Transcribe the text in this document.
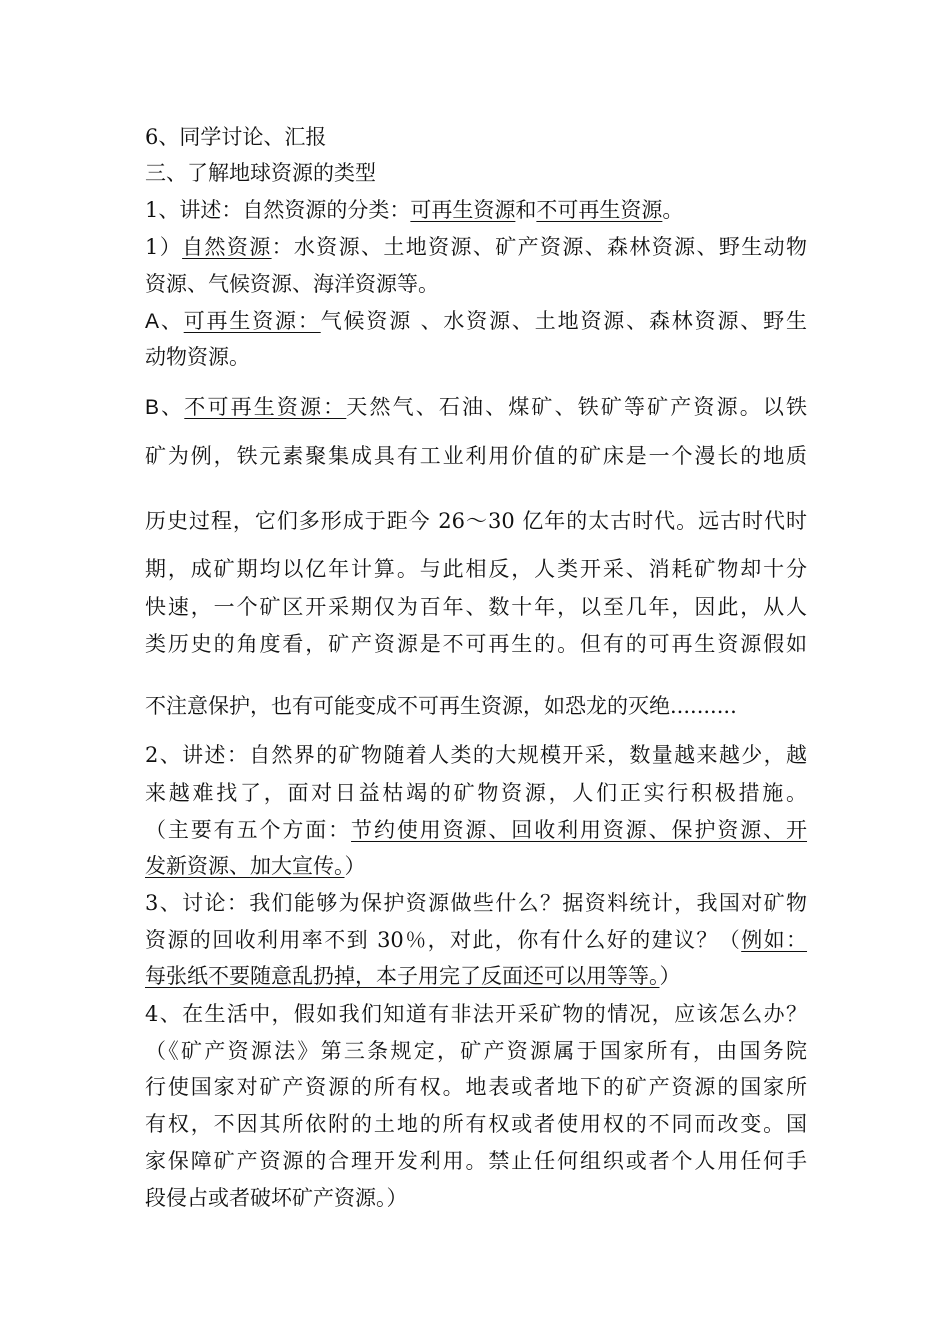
6、同学讨论、汇报
三、了解地球资源的类型
1、讲述：自然资源的分类：可再生资源和不可再生资源。
1）自然资源：水资源、土地资源、矿产资源、森林资源、野生动物
资源、气候资源、海洋资源等。
A、可再生资源：气候资源 、水资源、土地资源、森林资源、野生
动物资源。
B、不可再生资源：天然气、石油、煤矿、铁矿等矿产资源。以铁
矿为例，铁元素聚集成具有工业利用价值的矿床是一个漫长的地质
历史过程，它们多形成于距今 26～30 亿年的太古时代。远古时代时
期，成矿期均以亿年计算。与此相反，人类开采、消耗矿物却十分
快速，一个矿区开采期仅为百年、数十年，以至几年，因此，从人
类历史的角度看，矿产资源是不可再生的。但有的可再生资源假如
不注意保护，也有可能变成不可再生资源，如恐龙的灭绝..........
2、讲述：自然界的矿物随着人类的大规模开采，数量越来越少，越
来越难找了，面对日益枯竭的矿物资源，人们正实行积极措施。
（主要有五个方面：节约使用资源、回收利用资源、保护资源、开
发新资源、加大宣传。）
3、讨论：我们能够为保护资源做些什么？据资料统计，我国对矿物
资源的回收利用率不到 30％，对此，你有什么好的建议？（例如：
每张纸不要随意乱扔掉，本子用完了反面还可以用等等。）
4、在生活中，假如我们知道有非法开采矿物的情况，应该怎么办？
（《矿产资源法》第三条规定，矿产资源属于国家所有，由国务院
行使国家对矿产资源的所有权。地表或者地下的矿产资源的国家所
有权，不因其所依附的土地的所有权或者使用权的不同而改变。国
家保障矿产资源的合理开发利用。禁止任何组织或者个人用任何手
段侵占或者破坏矿产资源。）
